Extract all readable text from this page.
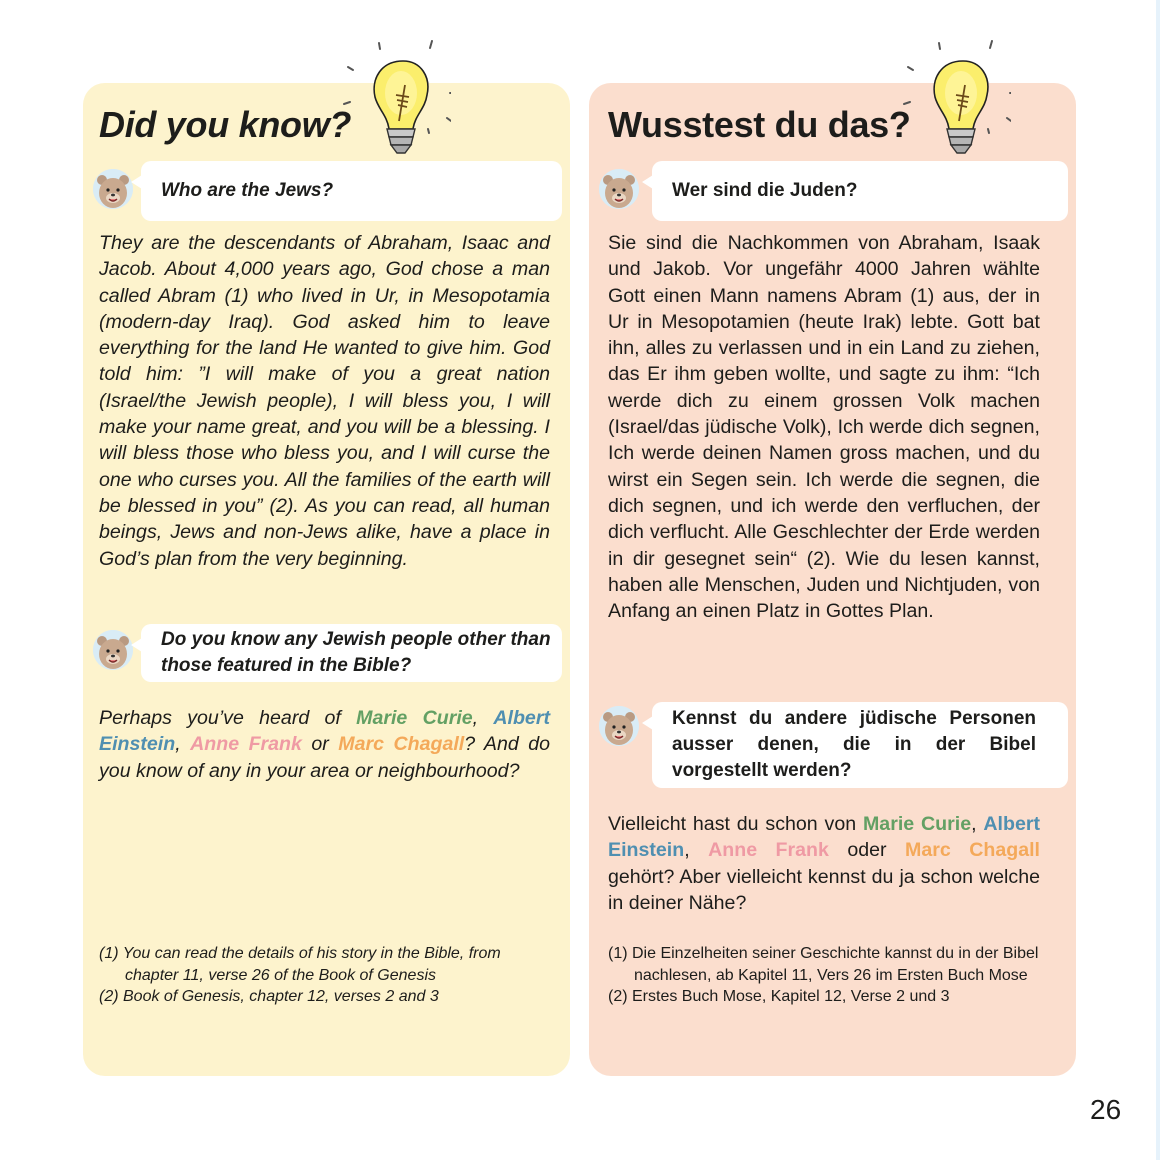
Did you know?
Who are the Jews?

They are the descendants of Abraham, Isaac and Jacob. About 4,000 years ago, God chose a man called Abram (1) who lived in Ur, in Mesopotamia (modern-day Iraq). God asked him to leave everything for the land He wanted to give him. God told him: ”I will make of you a great nation (Israel/the Jewish people), I will bless you, I will make your name great, and you will be a blessing. I will bless those who bless you, and I will curse the one who curses you. All the families of the earth will be blessed in you” (2). As you can read, all human beings, Jews and non-Jews alike, have a place in God’s plan from the very beginning.

Do you know any Jewish people other than those featured in the Bible?

Perhaps you’ve heard of Marie Curie, Albert Einstein, Anne Frank or Marc Chagall? And do you know of any in your area or neighbourhood?

(1) You can read the details of his story in the Bible, from chapter 11, verse 26 of the Book of Genesis

(2) Book of Genesis, chapter 12, verses 2 and 3

Wusstest du das?
Wer sind die Juden?

Sie sind die Nachkommen von Abraham, Isaak und Jakob. Vor ungefähr 4000 Jahren wählte Gott einen Mann namens Abram (1) aus, der in Ur in Mesopotamien (heute Irak) lebte. Gott bat ihn, alles zu verlassen und in ein Land zu ziehen, das Er ihm geben wollte, und sagte zu ihm: “Ich werde dich zu einem grossen Volk machen (Israel/das jüdische Volk), Ich werde dich segnen, Ich werde deinen Namen gross machen, und du wirst ein Segen sein. Ich werde die segnen, die dich segnen, und ich werde den verfluchen, der dich verflucht. Alle Geschlechter der Erde werden in dir gesegnet sein“ (2). Wie du lesen kannst, haben alle Menschen, Juden und Nichtjuden, von Anfang an einen Platz in Gottes Plan.

Kennst du andere jüdische Personen ausser denen, die in der Bibel vorgestellt werden?

Vielleicht hast du schon von Marie Curie, Albert Einstein, Anne Frank oder Marc Chagall gehört? Aber vielleicht kennst du ja schon welche in deiner Nähe?

(1) Die Einzelheiten seiner Geschichte kannst du in der Bibel nachlesen, ab Kapitel 11, Vers 26 im Ersten Buch Mose

(2) Erstes Buch Mose, Kapitel 12, Verse 2 und 3

26
